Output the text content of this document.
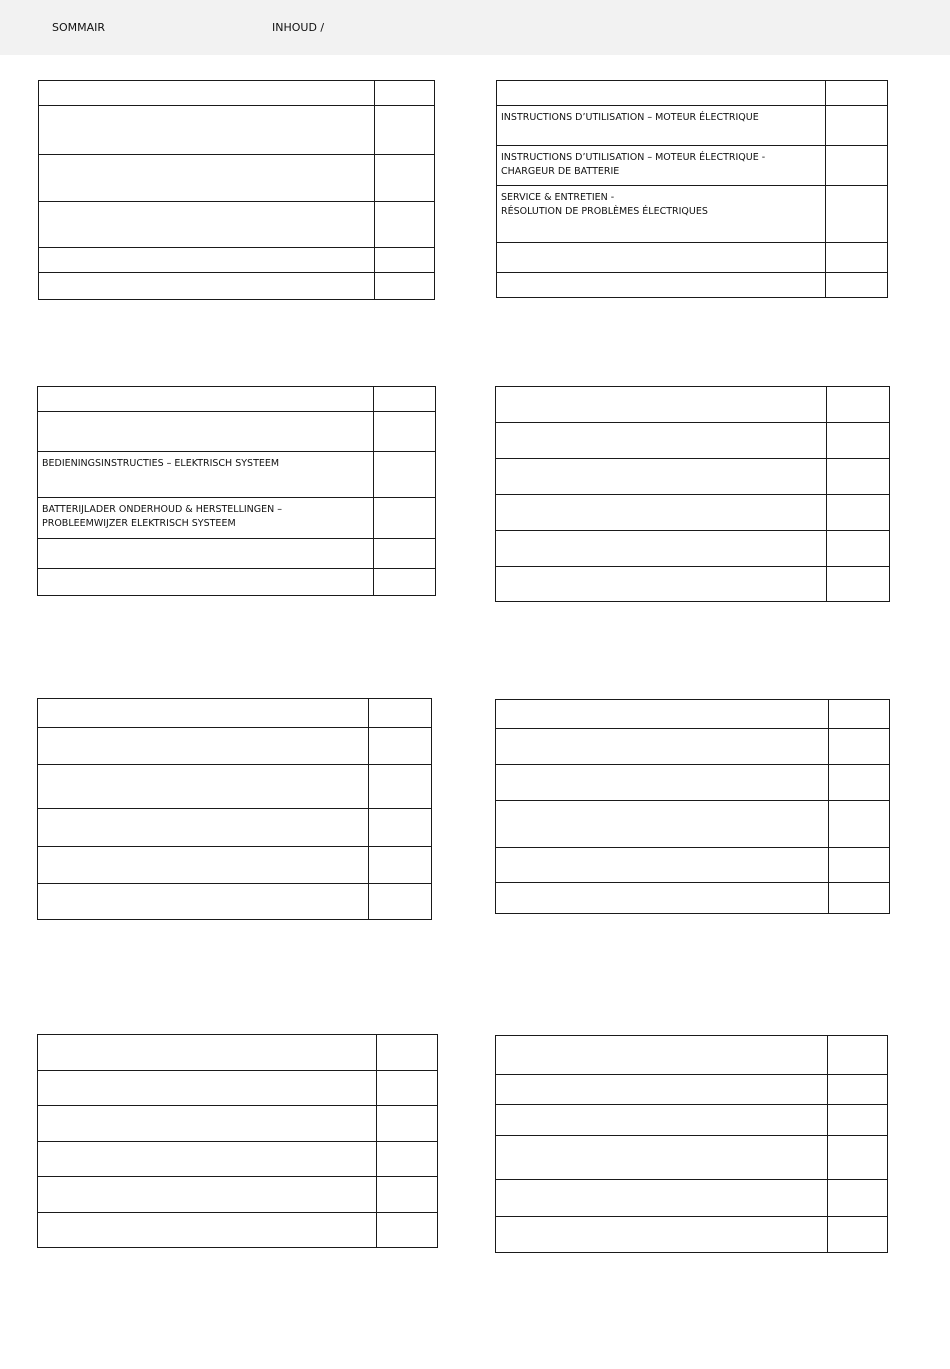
SOMMAIR	INHOUD /

INSTRUCTIONS D’UTILISATION – MOTEUR ÉLECTRIQUE	

INSTRUCTIONS D’UTILISATION – MOTEUR ÉLECTRIQUE -
CHARGEUR DE BATTERIE	

SERVICE & ENTRETIEN -
RÉSOLUTION DE PROBLÈMES ÉLECTRIQUES	

BEDIENINGSINSTRUCTIES – ELEKTRISCH SYSTEEM	

BATTERIJLADER ONDERHOUD & HERSTELLINGEN –
PROBLEEMWIJZER ELEKTRISCH SYSTEEM	
